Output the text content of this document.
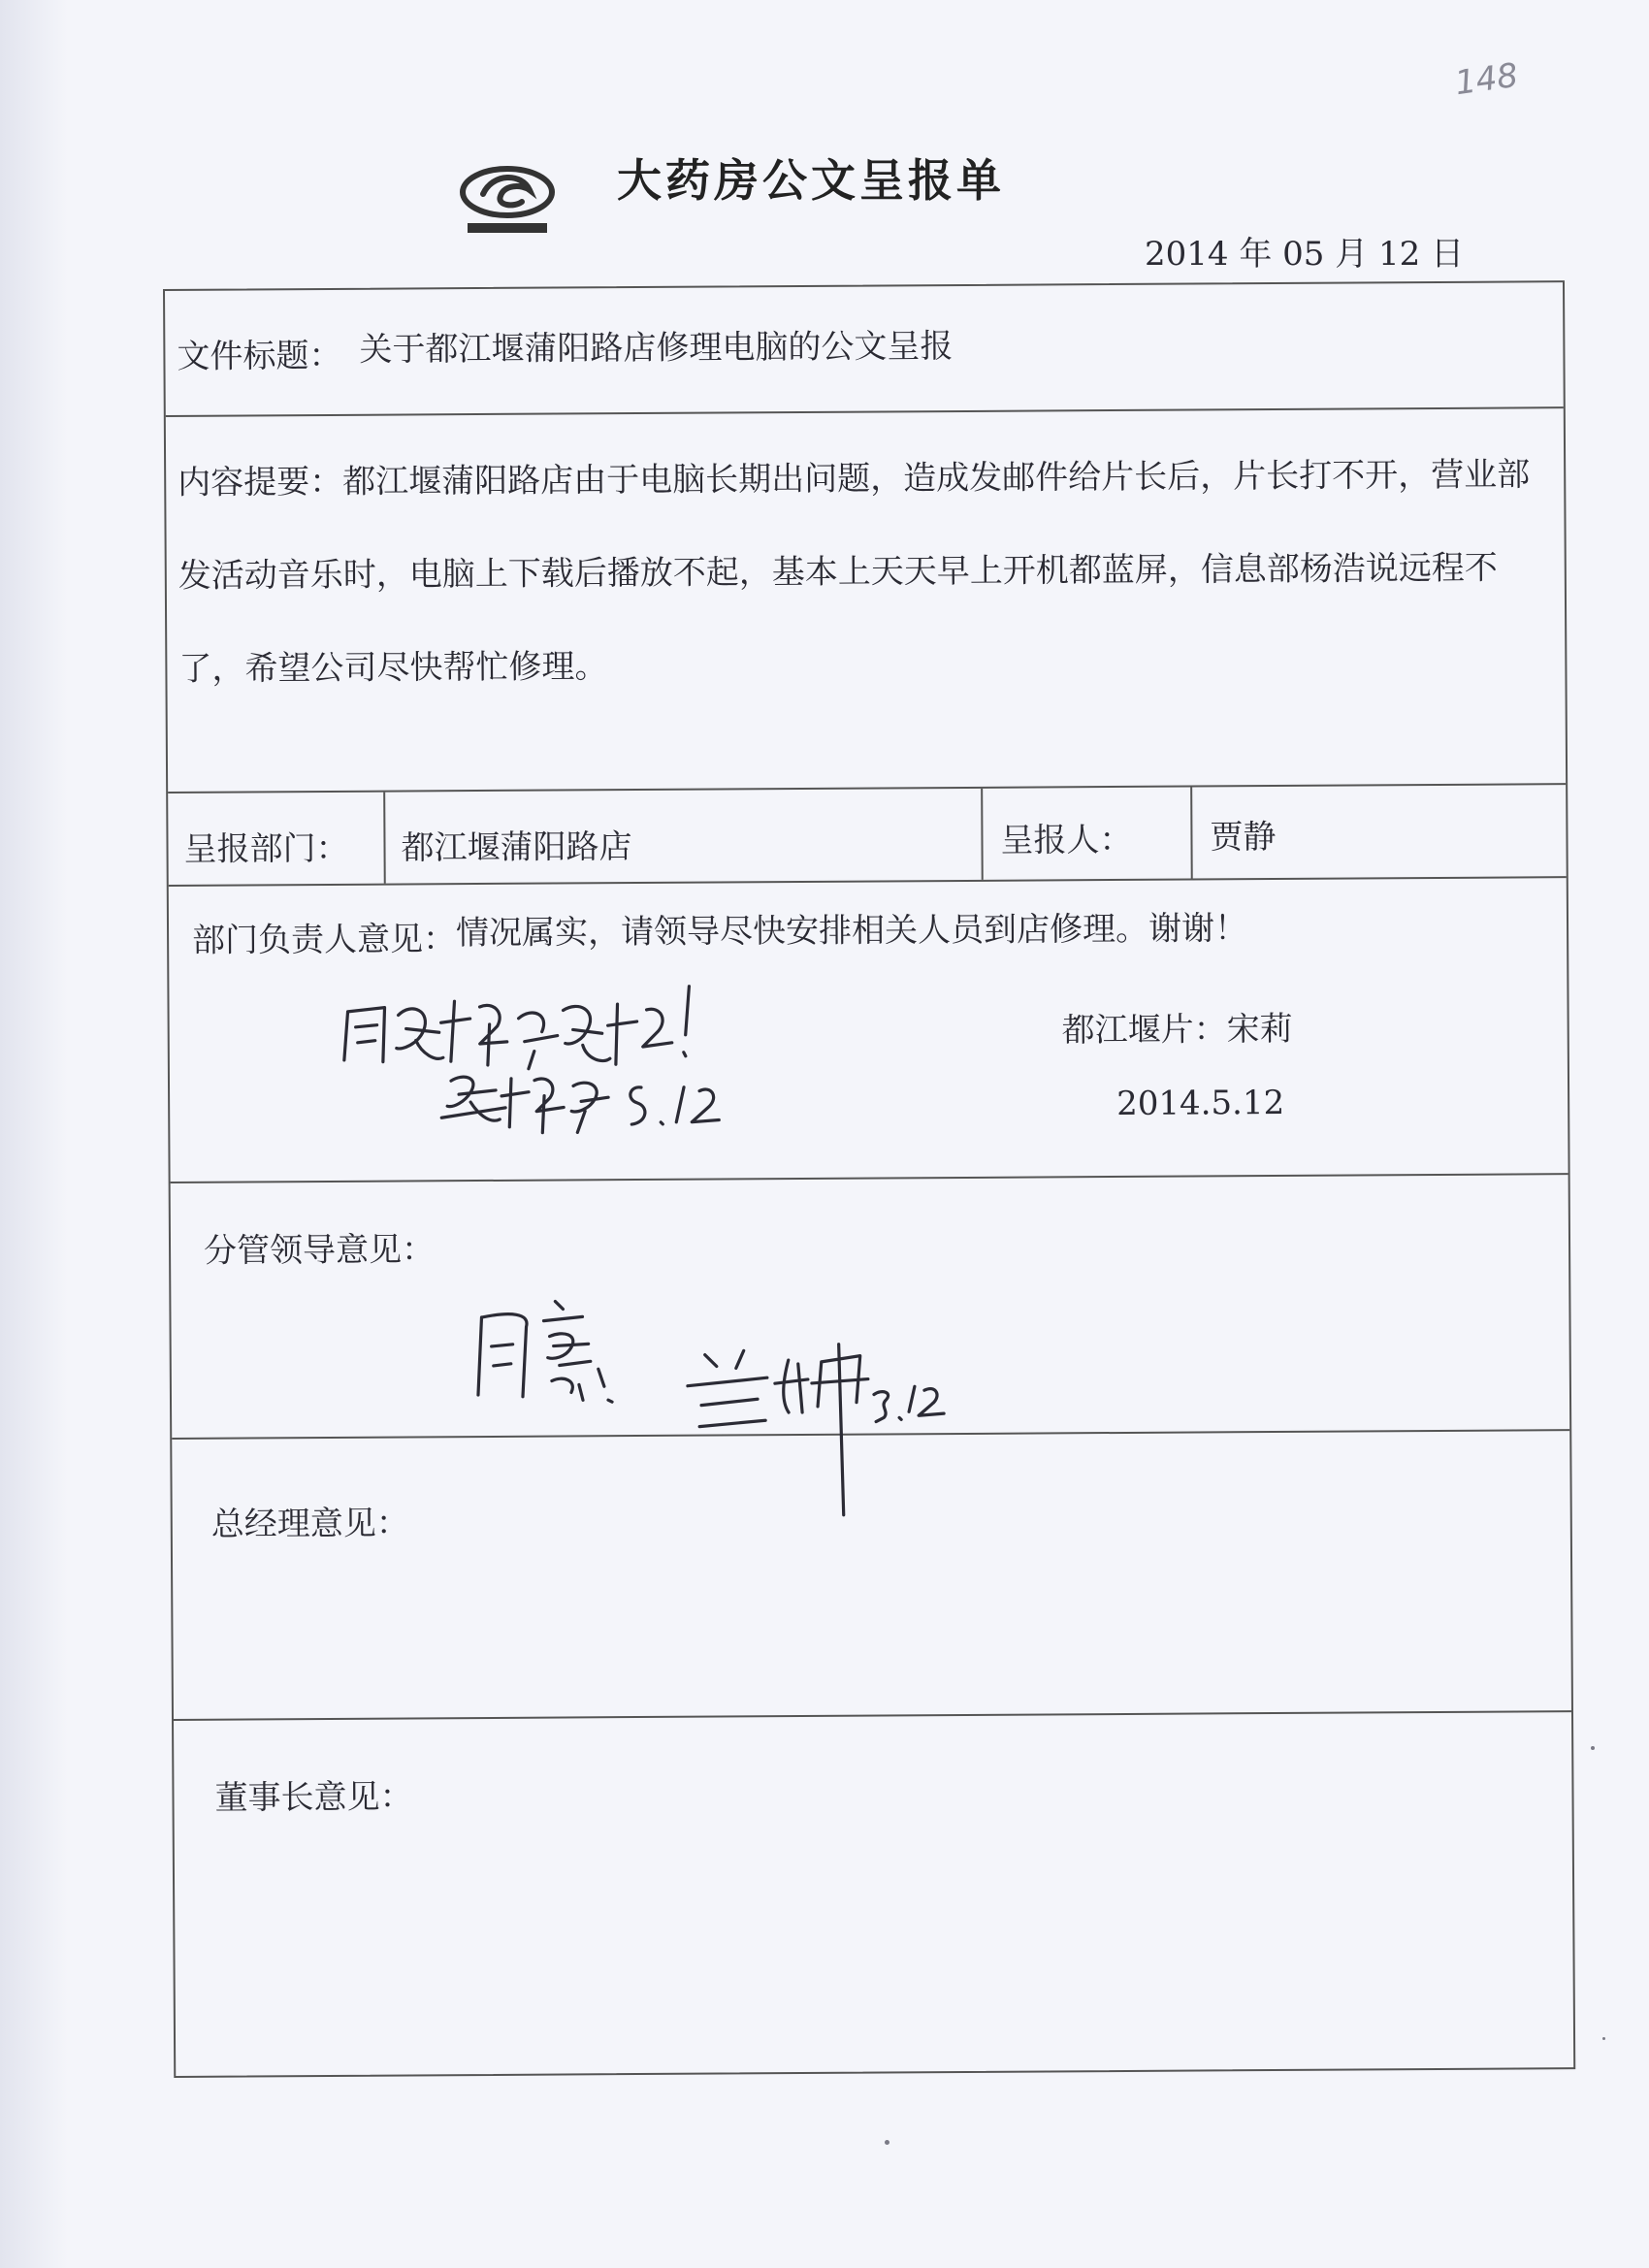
148
大药房公文呈报单
2014 年 05 月 12 日
文件标题： 关于都江堰蒲阳路店修理电脑的公文呈报
内容提要：都江堰蒲阳路店由于电脑长期出问题，造成发邮件给片长后，片长打不开，营业部发活动音乐时，电脑上下载后播放不起，基本上天天早上开机都蓝屏，信息部杨浩说远程不了，希望公司尽快帮忙修理。
呈报部门： 都江堰蒲阳路店	呈报人： 贾静
部门负责人意见： 情况属实，请领导尽快安排相关人员到店修理。谢谢！
都江堰片： 宋莉
2014.5.12
分管领导意见：
总经理意见：
董事长意见：
